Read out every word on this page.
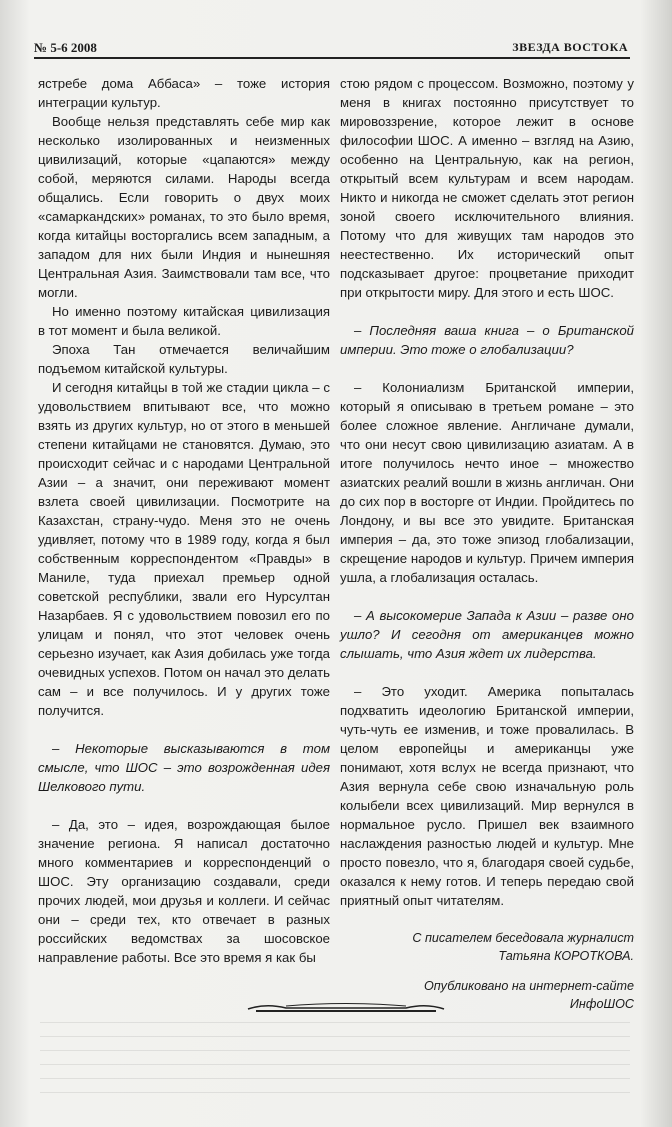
№ 5-6 2008	ЗВЕЗДА ВОСТОКА

ястребе дома Аббаса» – тоже история интеграции культур.

Вообще нельзя представлять себе мир как несколько изолированных и неизменных цивилизаций, которые «цапаются» между собой, меряются силами. Народы всегда общались. Если говорить о двух моих «самаркандских» романах, то это было время, когда китайцы восторгались всем западным, а западом для них были Индия и нынешняя Центральная Азия. Заимствовали там все, что могли.

Но именно поэтому китайская цивилизация в тот момент и была великой.

Эпоха Тан отмечается величайшим подъемом китайской культуры.

И сегодня китайцы в той же стадии цикла – с удовольствием впитывают все, что можно взять из других культур, но от этого в меньшей степени китайцами не становятся. Думаю, это происходит сейчас и с народами Центральной Азии – а значит, они переживают момент взлета своей цивилизации. Посмотрите на Казахстан, страну-чудо. Меня это не очень удивляет, потому что в 1989 году, когда я был собственным корреспондентом «Правды» в Маниле, туда приехал премьер одной советской республики, звали его Нурсултан Назарбаев. Я с удовольствием повозил его по улицам и понял, что этот человек очень серьезно изучает, как Азия добилась уже тогда очевидных успехов. Потом он начал это делать сам – и все получилось. И у других тоже получится.

– Некоторые высказываются в том смысле, что ШОС – это возрожденная идея Шелкового пути.

– Да, это – идея, возрождающая былое значение региона. Я написал достаточно много комментариев и корреспонденций о ШОС. Эту организацию создавали, среди прочих людей, мои друзья и коллеги. И сейчас они – среди тех, кто отвечает в разных российских ведомствах за шосовское направление работы. Все это время я как бы

стою рядом с процессом. Возможно, поэтому у меня в книгах постоянно присутствует то мировоззрение, которое лежит в основе философии ШОС. А именно – взгляд на Азию, особенно на Центральную, как на регион, открытый всем культурам и всем народам. Никто и никогда не сможет сделать этот регион зоной своего исключительного влияния. Потому что для живущих там народов это неестественно. Их исторический опыт подсказывает другое: процветание приходит при открытости миру. Для этого и есть ШОС.

– Последняя ваша книга – о Британской империи. Это тоже о глобализации?

– Колониализм Британской империи, который я описываю в третьем романе – это более сложное явление. Англичане думали, что они несут свою цивилизацию азиатам. А в итоге получилось нечто иное – множество азиатских реалий вошли в жизнь англичан. Они до сих пор в восторге от Индии. Пройдитесь по Лондону, и вы все это увидите. Британская империя – да, это тоже эпизод глобализации, скрещение народов и культур. Причем империя ушла, а глобализация осталась.

– А высокомерие Запада к Азии – разве оно ушло? И сегодня от американцев можно слышать, что Азия ждет их лидерства.

– Это уходит. Америка попыталась подхватить идеологию Британской империи, чуть-чуть ее изменив, и тоже провалилась. В целом европейцы и американцы уже понимают, хотя вслух не всегда признают, что Азия вернула себе свою изначальную роль колыбели всех цивилизаций. Мир вернулся в нормальное русло. Пришел век взаимного наслаждения разностью людей и культур. Мне просто повезло, что я, благодаря своей судьбе, оказался к нему готов. И теперь передаю свой приятный опыт читателям.

С писателем беседовала журналист

Татьяна КОРОТКОВА.

Опубликовано на интернет-сайте

ИнфоШОС
